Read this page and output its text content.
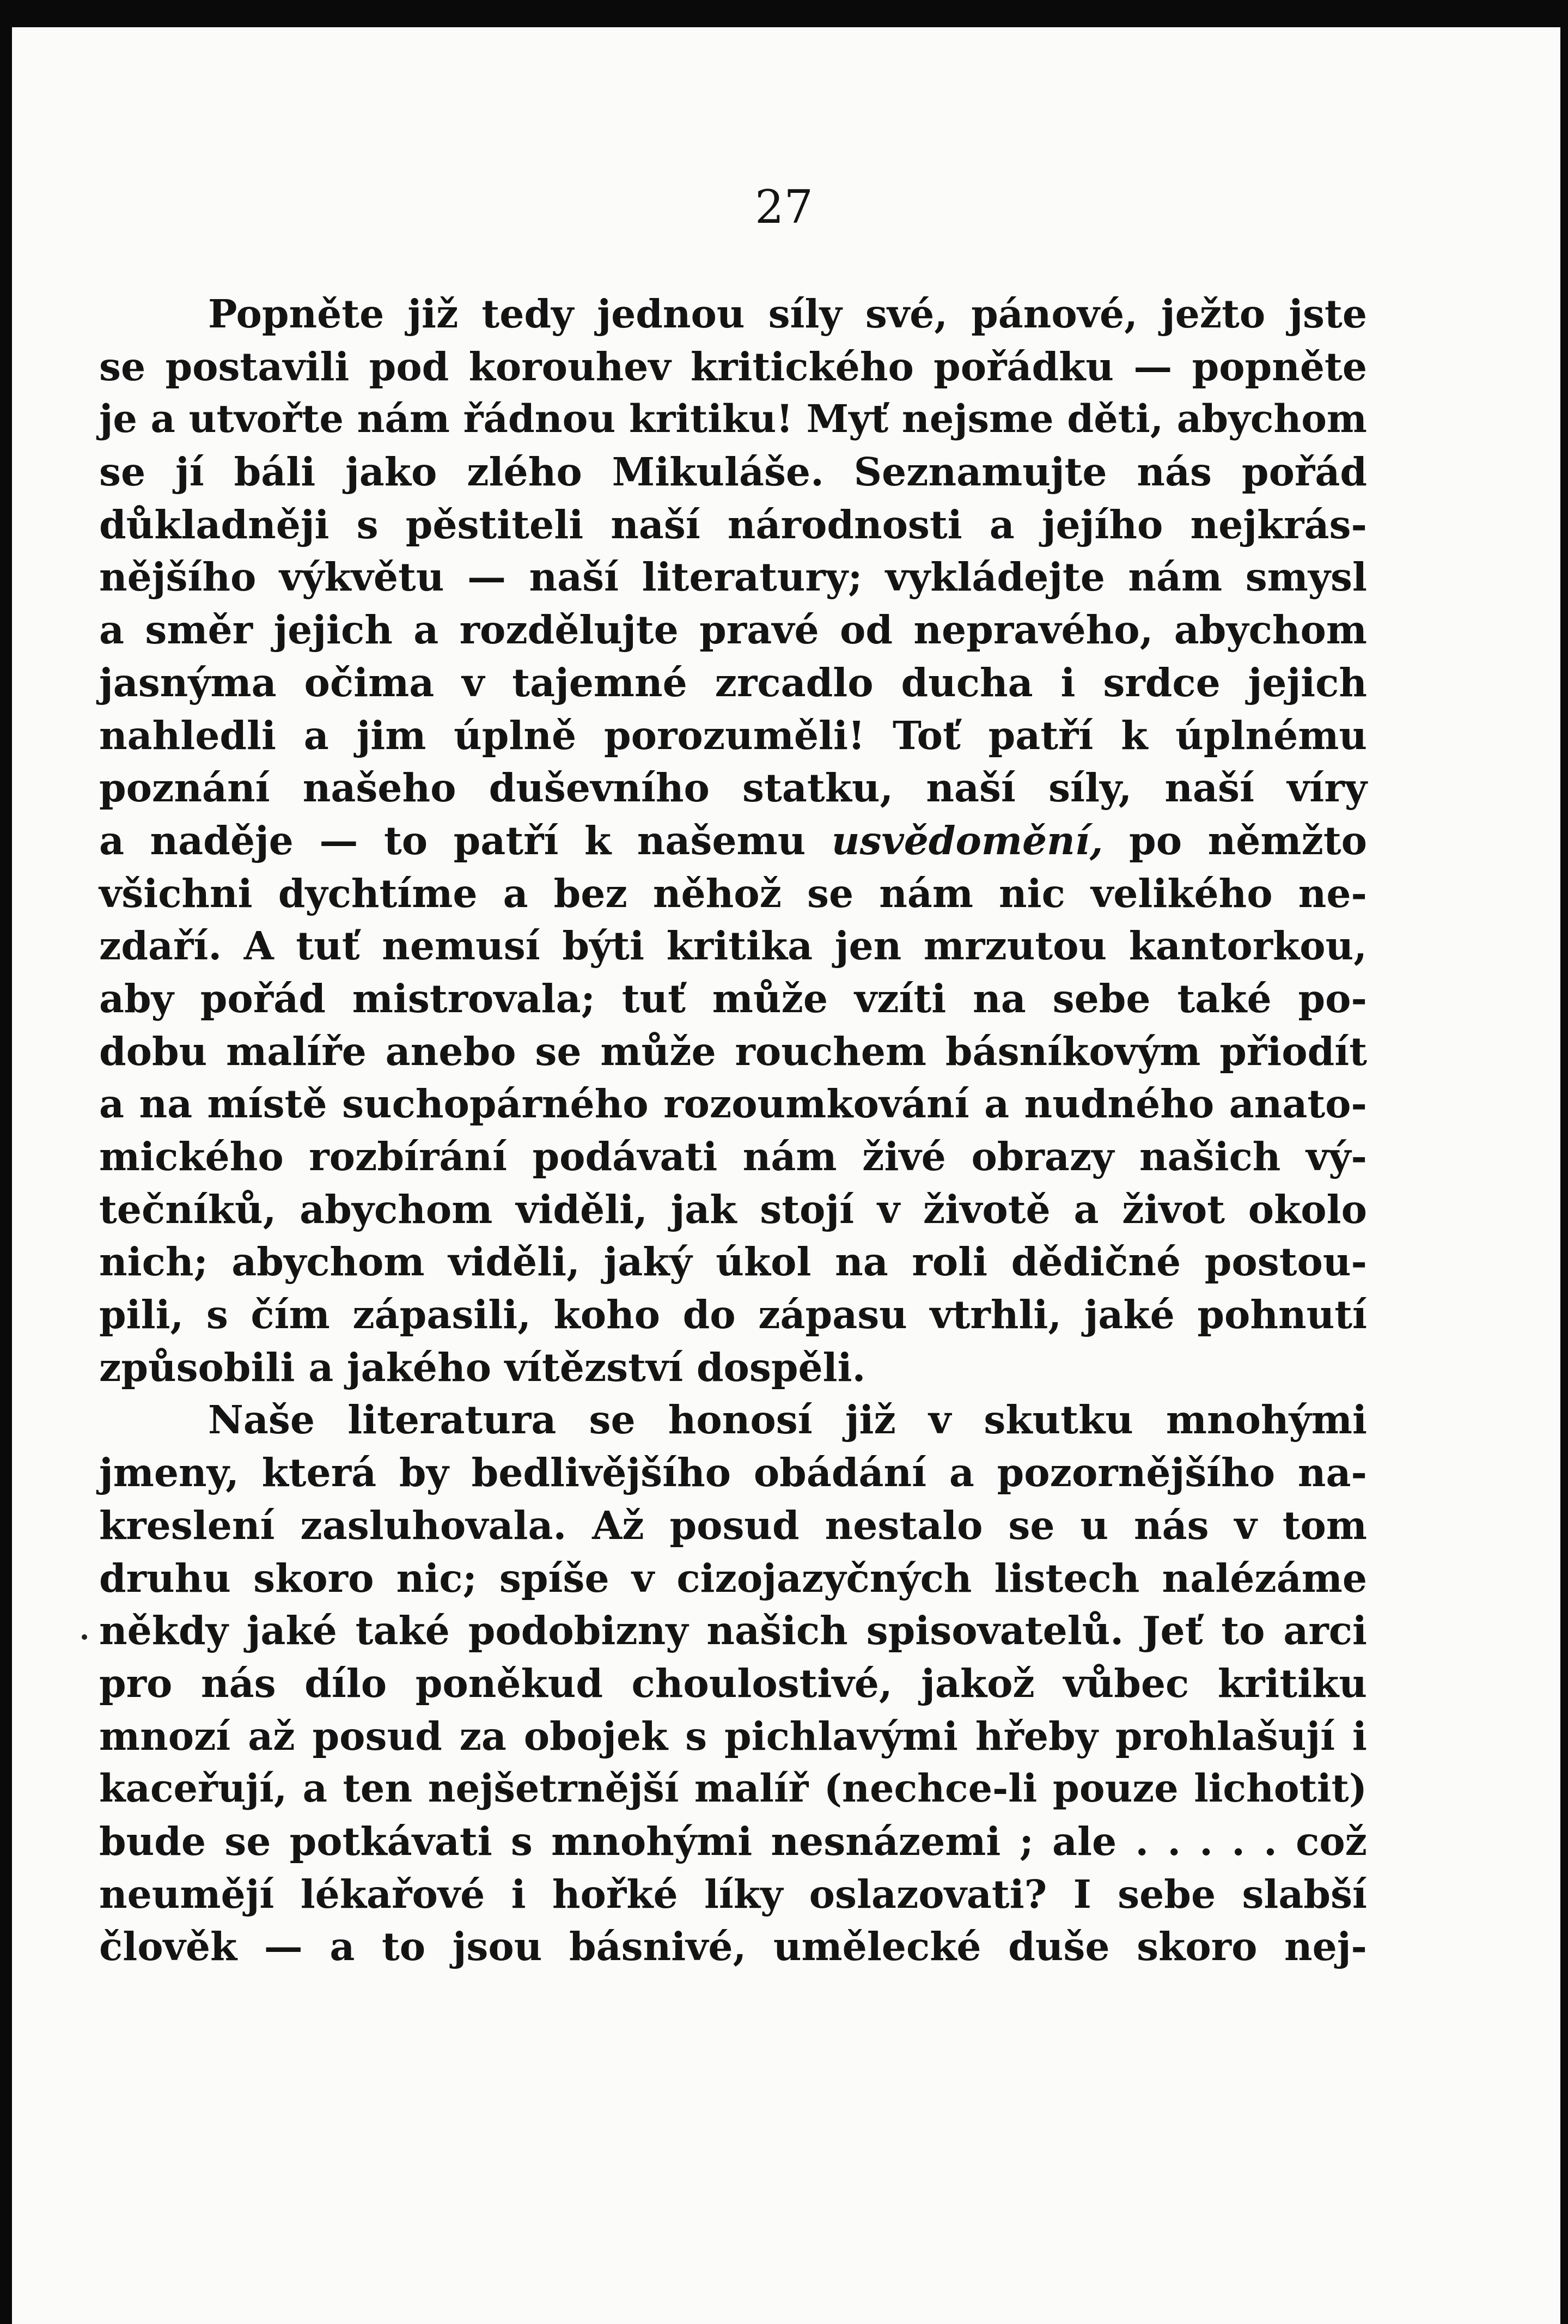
27
Popněte již tedy jednou síly své, pánové, ježto jste
se postavili pod korouhev kritického pořádku — popněte
je a utvořte nám řádnou kritiku! Myť nejsme děti, abychom
se jí báli jako zlého Mikuláše. Seznamujte nás pořád
důkladněji s pěstiteli naší národnosti a jejího nejkrás-
nějšího výkvětu — naší literatury; vykládejte nám smysl
a směr jejich a rozdělujte pravé od nepravého, abychom
jasnýma očima v tajemné zrcadlo ducha i srdce jejich
nahledli a jim úplně porozuměli! Toť patří k úplnému
poznání našeho duševního statku, naší síly, naší víry
a naděje — to patří k našemu usvědomění, po němžto
všichni dychtíme a bez něhož se nám nic velikého ne-
zdaří. A tuť nemusí býti kritika jen mrzutou kantorkou,
aby pořád mistrovala; tuť může vzíti na sebe také po-
dobu malíře anebo se může rouchem básníkovým přiodít
a na místě suchopárného rozoumkování a nudného anato-
mického rozbírání podávati nám živé obrazy našich vý-
tečníků, abychom viděli, jak stojí v životě a život okolo
nich; abychom viděli, jaký úkol na roli dědičné postou-
pili, s čím zápasili, koho do zápasu vtrhli, jaké pohnutí
způsobili a jakého vítězství dospěli.
Naše literatura se honosí již v skutku mnohými
jmeny, která by bedlivějšího obádání a pozornějšího na-
kreslení zasluhovala. Až posud nestalo se u nás v tom
druhu skoro nic; spíše v cizojazyčných listech nalézáme
někdy jaké také podobizny našich spisovatelů. Jeť to arci
pro nás dílo poněkud choulostivé, jakož vůbec kritiku
mnozí až posud za obojek s pichlavými hřeby prohlašují i
kaceřují, a ten nejšetrnější malíř (nechce-li pouze lichotit)
bude se potkávati s mnohými nesnázemi ; ale . . . . . což
neumějí lékařové i hořké líky oslazovati? I sebe slabší
člověk — a to jsou básnivé, umělecké duše skoro nej-
